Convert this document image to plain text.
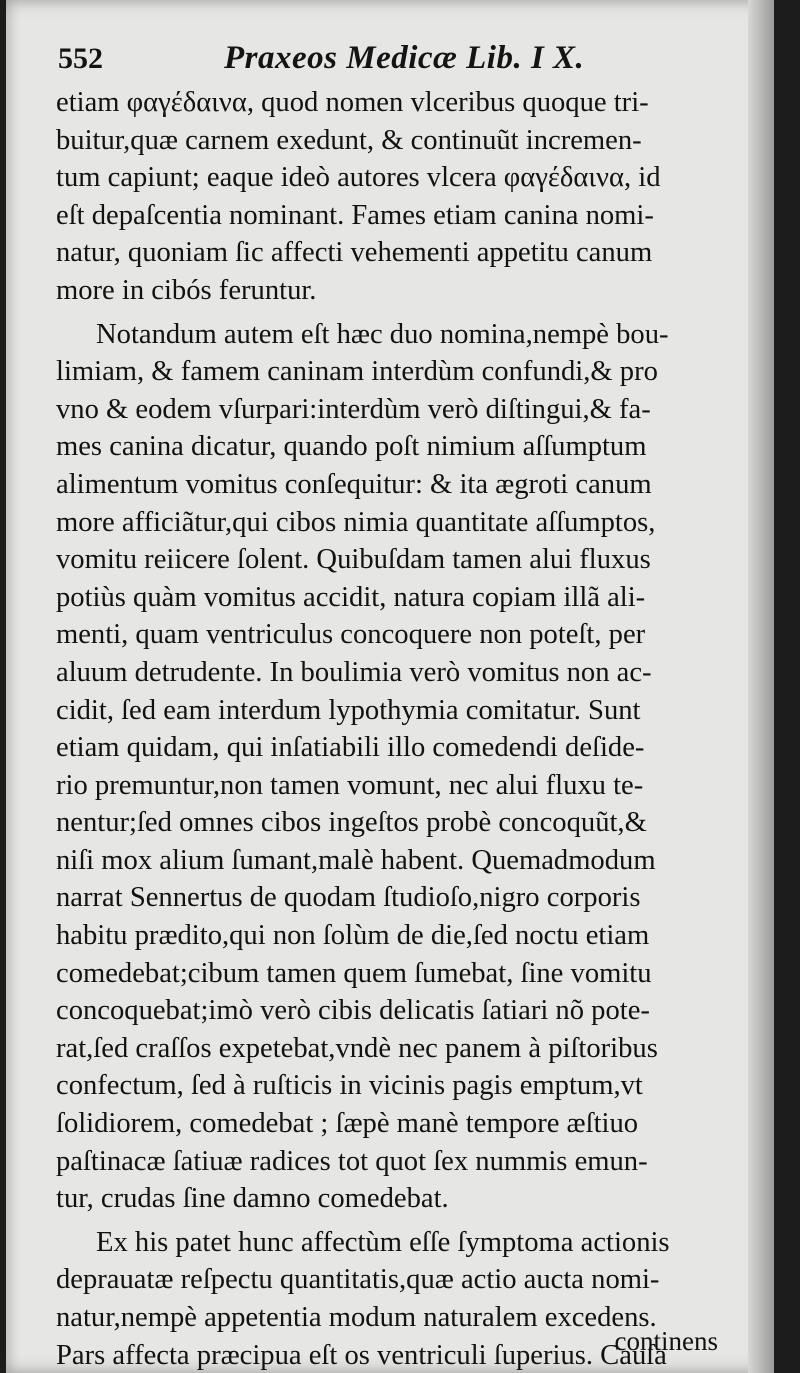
552	Praxeos Medicæ Lib. I X.
etiam φαγέδαινα, quod nomen vlceribus quoque tri-
buitur,quæ carnem exedunt, & continuũt incremen-
tum capiunt; eaque ideò autores vlcera φαγέδαινα, id
eſt depaſcentia nominant. Fames etiam canina nomi-
natur, quoniam ſic affecti vehementi appetitu canum
more in cibós feruntur.
Notandum autem eſt hæc duo nomina,nempè bou-
limiam, & famem caninam interdùm confundi,& pro
vno & eodem vſurpari:interdùm verò diſtingui,& fa-
mes canina dicatur, quando poſt nimium aſſumptum
alimentum vomitus conſequitur: & ita ægroti canum
more afficiãtur,qui cibos nimia quantitate aſſumptos,
vomitu reiicere ſolent. Quibuſdam tamen alui fluxus
potiùs quàm vomitus accidit, natura copiam illã ali-
menti, quam ventriculus concoquere non poteſt, per
aluum detrudente. In boulimia verò vomitus non ac-
cidit, ſed eam interdum lypothymia comitatur. Sunt
etiam quidam, qui inſatiabili illo comedendi deſide-
rio premuntur,non tamen vomunt, nec alui fluxu te-
nentur;ſed omnes cibos ingeſtos probè concoquũt,&
niſi mox alium ſumant,malè habent. Quemadmodum
narrat Sennertus de quodam ſtudioſo,nigro corporis
habitu prædito,qui non ſolùm de die,ſed noctu etiam
comedebat;cibum tamen quem ſumebat, ſine vomitu
concoquebat;imò verò cibis delicatis ſatiari nõ pote-
rat,ſed craſſos expetebat,vndè nec panem à piſtoribus
confectum, ſed à ruſticis in vicinis pagis emptum,vt
ſolidiorem, comedebat ; ſæpè manè tempore æſtiuo
paſtinacæ ſatiuæ radices tot quot ſex nummis emun-
tur, crudas ſine damno comedebat.
Ex his patet hunc affectùm eſſe ſymptoma actionis
deprauatæ reſpectu quantitatis,quæ actio aucta nomi-
natur,nempè appetentia modum naturalem excedens.
Pars affecta præcipua eſt os ventriculi ſuperius. Cauſa
continens
